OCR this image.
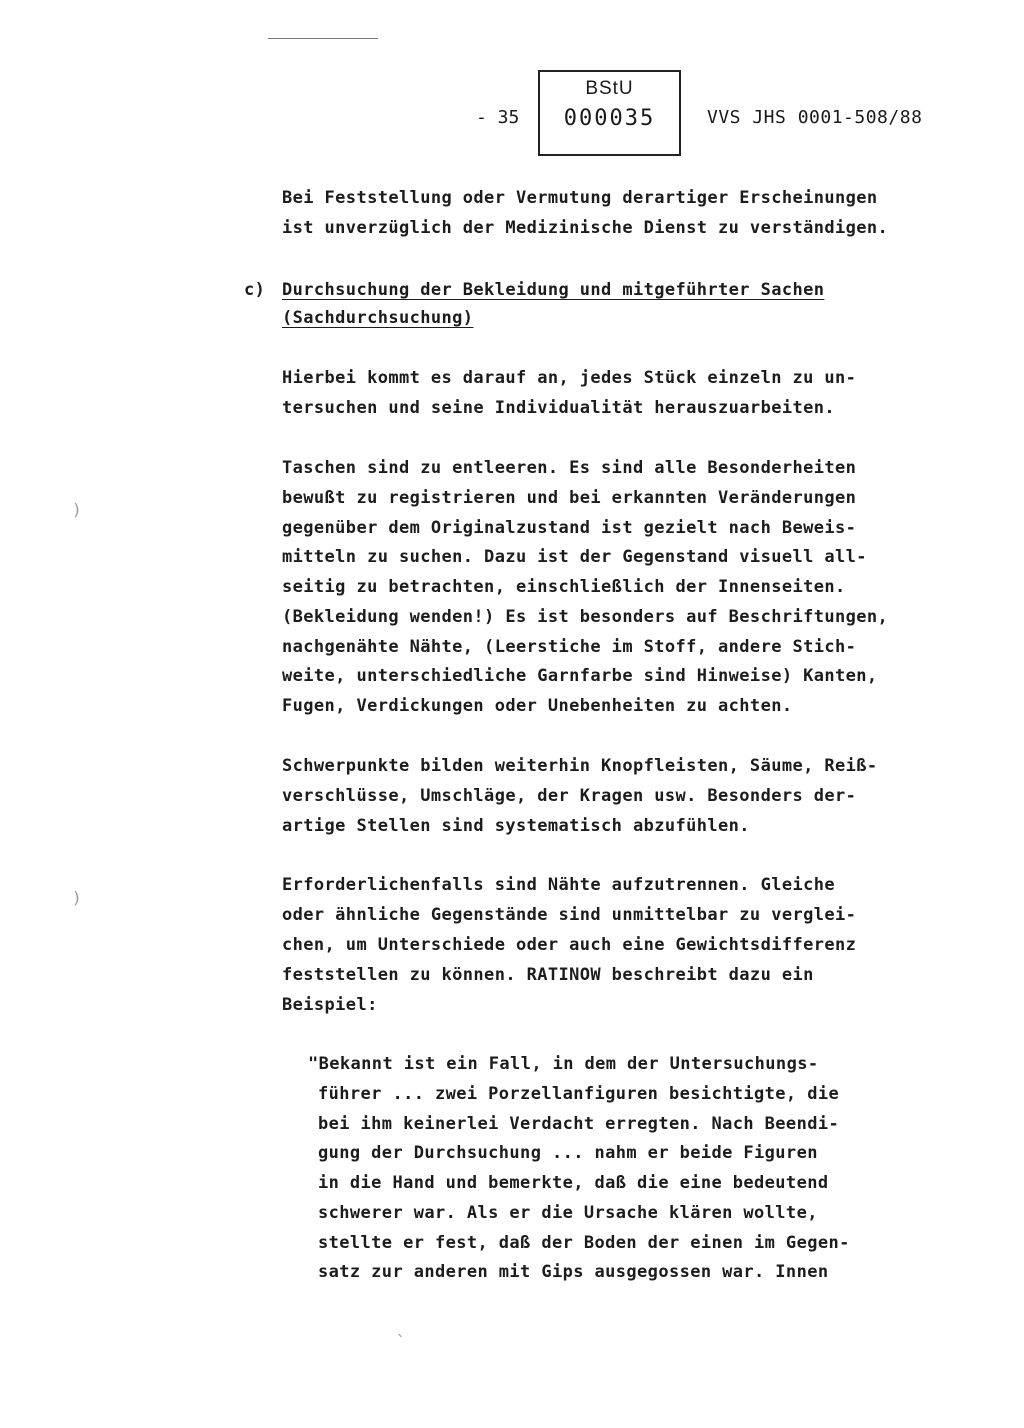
- 35
BStU
000035	VVS JHS 0001-508/88
Bei Feststellung oder Vermutung derartiger Erscheinungen
ist unverzüglich der Medizinische Dienst zu verständigen.
c) Durchsuchung der Bekleidung und mitgeführter Sachen
(Sachdurchsuchung)
Hierbei kommt es darauf an, jedes Stück einzeln zu un-
tersuchen und seine Individualität herauszuarbeiten.
Taschen sind zu entleeren. Es sind alle Besonderheiten
bewußt zu registrieren und bei erkannten Veränderungen
gegenüber dem Originalzustand ist gezielt nach Beweis-
mitteln zu suchen. Dazu ist der Gegenstand visuell all-
seitig zu betrachten, einschließlich der Innenseiten.
(Bekleidung wenden!) Es ist besonders auf Beschriftungen,
nachgenähte Nähte, (Leerstiche im Stoff, andere Stich-
weite, unterschiedliche Garnfarbe sind Hinweise) Kanten,
Fugen, Verdickungen oder Unebenheiten zu achten.
Schwerpunkte bilden weiterhin Knopfleisten, Säume, Reiß-
verschlüsse, Umschläge, der Kragen usw. Besonders der-
artige Stellen sind systematisch abzufühlen.
Erforderlichenfalls sind Nähte aufzutrennen. Gleiche
oder ähnliche Gegenstände sind unmittelbar zu verglei-
chen, um Unterschiede oder auch eine Gewichtsdifferenz
feststellen zu können. RATINOW beschreibt dazu ein
Beispiel:
"Bekannt ist ein Fall, in dem der Untersuchungs-
führer ... zwei Porzellanfiguren besichtigte, die
bei ihm keinerlei Verdacht erregten. Nach Beendi-
gung der Durchsuchung ... nahm er beide Figuren
in die Hand und bemerkte, daß die eine bedeutend
schwerer war. Als er die Ursache klären wollte,
stellte er fest, daß der Boden der einen im Gegen-
satz zur anderen mit Gips ausgegossen war. Innen
)
)
`
